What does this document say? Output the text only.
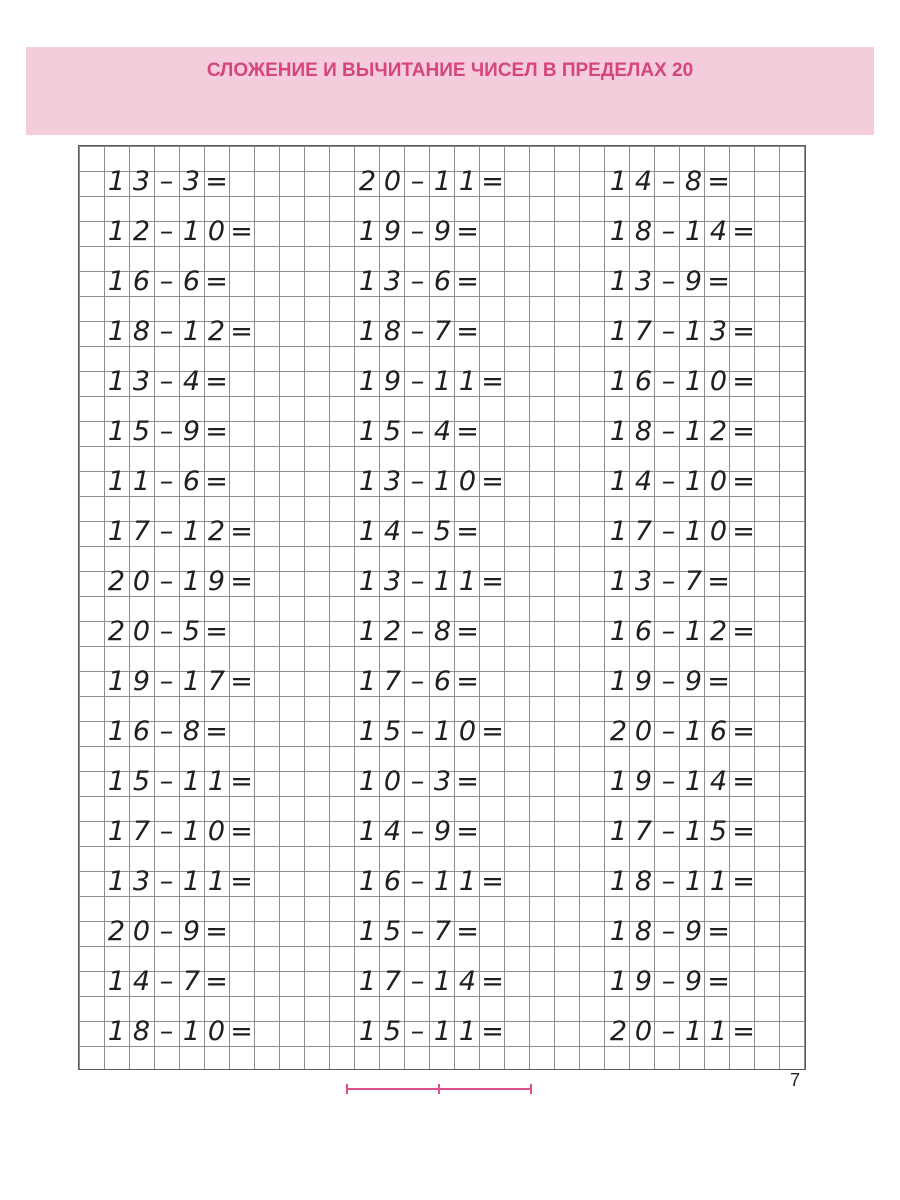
СЛОЖЕНИЕ И ВЫЧИТАНИЕ ЧИСЕЛ В ПРЕДЕЛАХ 20
1 3 – 3 =
1 2 – 1 0 =
1 6 – 6 =
1 8 – 1 2 =
1 3 – 4 =
1 5 – 9 =
1 1 – 6 =
1 7 – 1 2 =
2 0 – 1 9 =
2 0 – 5 =
1 9 – 1 7 =
1 6 – 8 =
1 5 – 1 1 =
1 7 – 1 0 =
1 3 – 1 1 =
2 0 – 9 =
1 4 – 7 =
1 8 – 1 0 =
2 0 – 1 1 =
1 9 – 9 =
1 3 – 6 =
1 8 – 7 =
1 9 – 1 1 =
1 5 – 4 =
1 3 – 1 0 =
1 4 – 5 =
1 3 – 1 1 =
1 2 – 8 =
1 7 – 6 =
1 5 – 1 0 =
1 0 – 3 =
1 4 – 9 =
1 6 – 1 1 =
1 5 – 7 =
1 7 – 1 4 =
1 5 – 1 1 =
1 4 – 8 =
1 8 – 1 4 =
1 3 – 9 =
1 7 – 1 3 =
1 6 – 1 0 =
1 8 – 1 2 =
1 4 – 1 0 =
1 7 – 1 0 =
1 3 – 7 =
1 6 – 1 2 =
1 9 – 9 =
2 0 – 1 6 =
1 9 – 1 4 =
1 7 – 1 5 =
1 8 – 1 1 =
1 8 – 9 =
1 9 – 9 =
2 0 – 1 1 =
7
